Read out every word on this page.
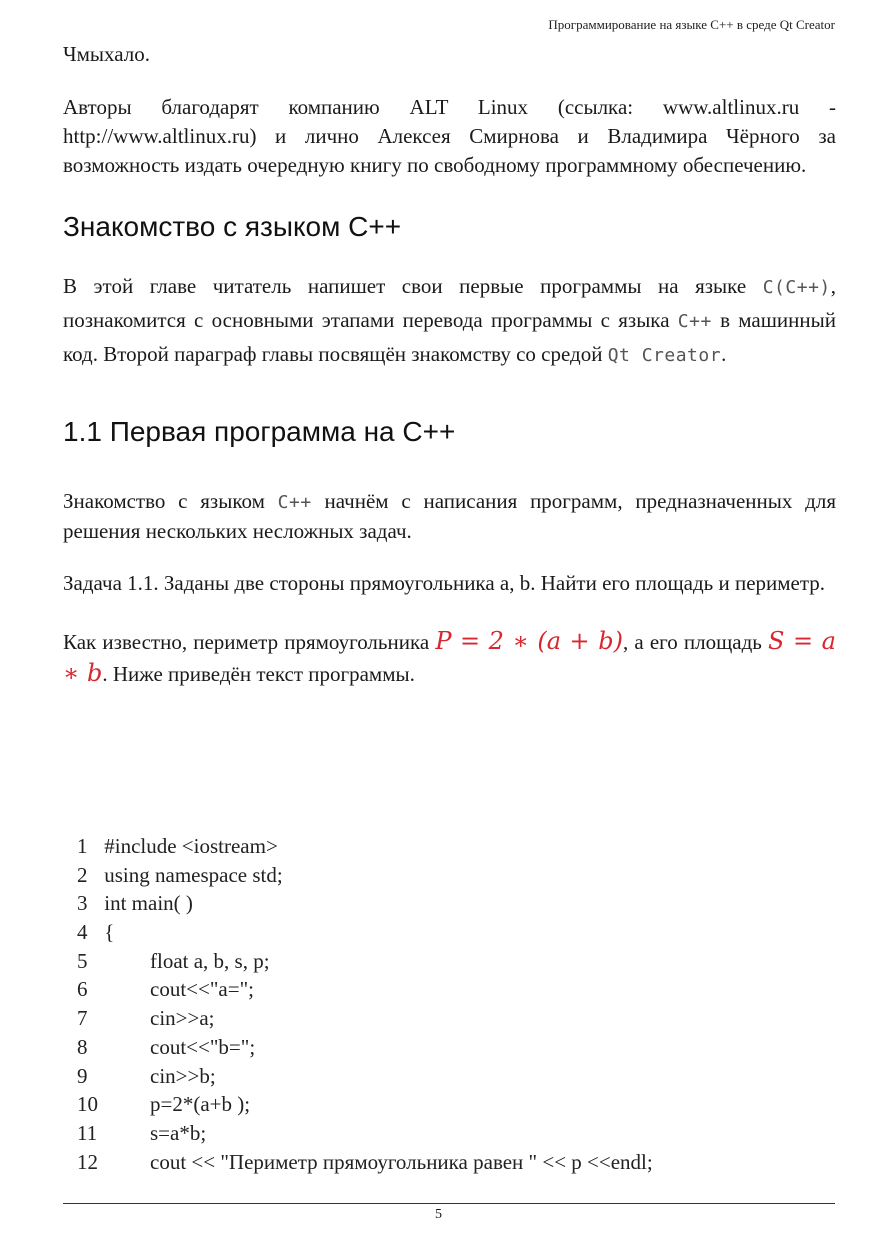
Программирование на языке С++ в среде Qt Creator

Чмыхало.

Авторы благодарят компанию ALT Linux (ссылка: www.altlinux.ru - http://www.altlinux.ru) и лично Алексея Смирнова и Владимира Чёрного за возможность издать очередную книгу по свободному программному обеспечению.

Знакомство с языком С++

В этой главе читатель напишет свои первые программы на языке C(C++), познакомится с основными этапами перевода программы с языка C++ в машинный код. Второй параграф главы посвящён знакомству со средой Qt Creator.

1.1 Первая программа на С++

Знакомство с языком C++ начнём с написания программ, предназначенных для решения нескольких несложных задач.

Задача 1.1. Заданы две стороны прямоугольника a, b. Найти его площадь и периметр.

Как известно, периметр прямоугольника P = 2 ∗ (a + b), а его площадь S = a ∗ b. Ниже приведён текст программы.

1 #include <iostream>
2 using namespace std;
3 int main( )
4 {
5	float a, b, s, p;
6	cout<<"a=";
7	cin>>a;
8	cout<<"b=";
9	cin>>b;
10 p=2*(a+b );
11	s=a*b;
12 cout << "Периметр прямоугольника равен " << p <<endl;
5
